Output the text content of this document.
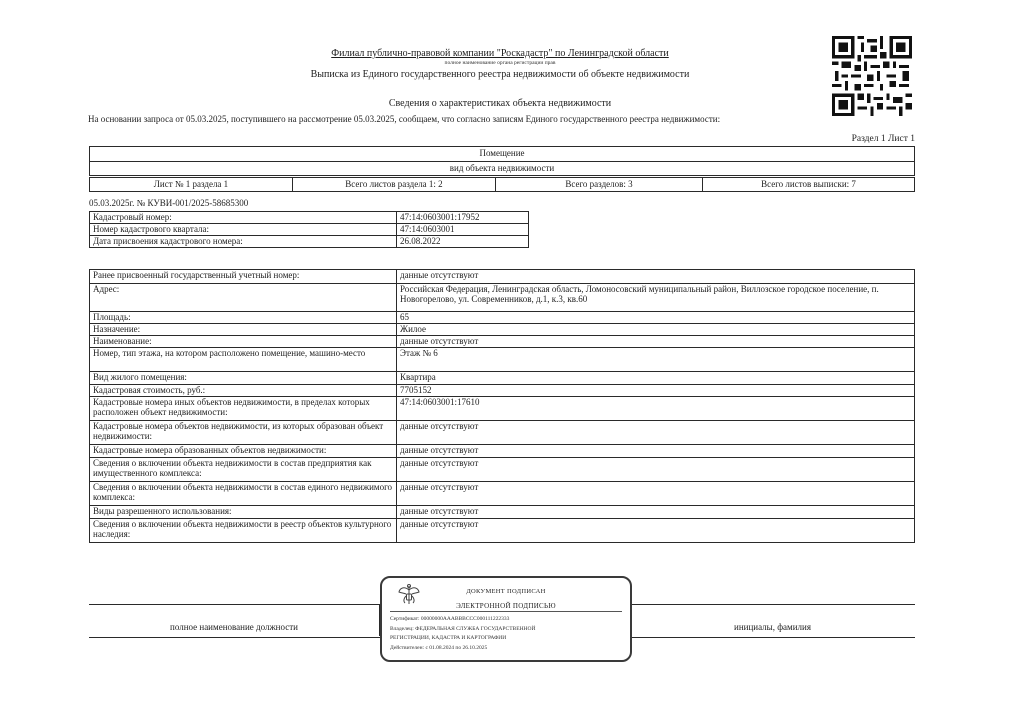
Филиал публично-правовой компании "Роскадастр" по Ленинградской области
полное наименование органа регистрации прав
Выписка из Единого государственного реестра недвижимости об объекте недвижимости
Сведения о характеристиках объекта недвижимости
На основании запроса от 05.03.2025, поступившего на рассмотрение 05.03.2025, сообщаем, что согласно записям Единого государственного реестра недвижимости:
Раздел 1 Лист 1
Помещение
вид объекта недвижимости
Лист № 1 раздела 1	Всего листов раздела 1: 2	Всего разделов: 3	Всего листов выписки: 7
05.03.2025г. № КУВИ-001/2025-58685300
Кадастровый номер:	47:14:0603001:17952
Номер кадастрового квартала:	47:14:0603001
Дата присвоения кадастрового номера:	26.08.2022
Ранее присвоенный государственный учетный номер:	данные отсутствуют
Адрес:	Российская Федерация, Ленинградская область, Ломоносовский муниципальный район, Виллозское городское поселение, п. Новогорелово, ул. Современников, д.1, к.3, кв.60
Площадь:	65
Назначение:	Жилое
Наименование:	данные отсутствуют
Номер, тип этажа, на котором расположено помещение, машино-место	Этаж № 6
Вид жилого помещения:	Квартира
Кадастровая стоимость, руб.:	7705152
Кадастровые номера иных объектов недвижимости, в пределах которых расположен объект недвижимости:	47:14:0603001:17610
Кадастровые номера объектов недвижимости, из которых образован объект недвижимости:	данные отсутствуют
Кадастровые номера образованных объектов недвижимости:	данные отсутствуют
Сведения о включении объекта недвижимости в состав предприятия как имущественного комплекса:	данные отсутствуют
Сведения о включении объекта недвижимости в состав единого недвижимого комплекса:	данные отсутствуют
Виды разрешенного использования:	данные отсутствуют
Сведения о включении объекта недвижимости в реестр объектов культурного наследия:	данные отсутствуют
полное наименование должности	инициалы, фамилия
ДОКУМЕНТ ПОДПИСАН
ЭЛЕКТРОННОЙ ПОДПИСЬЮ
Сертификат: 00000000АААВВВССС000111222333
Владелец: ФЕДЕРАЛЬНАЯ СЛУЖБА ГОСУДАРСТВЕННОЙ
РЕГИСТРАЦИИ, КАДАСТРА И КАРТОГРАФИИ
Действителен: с 01.08.2024 по 26.10.2025
